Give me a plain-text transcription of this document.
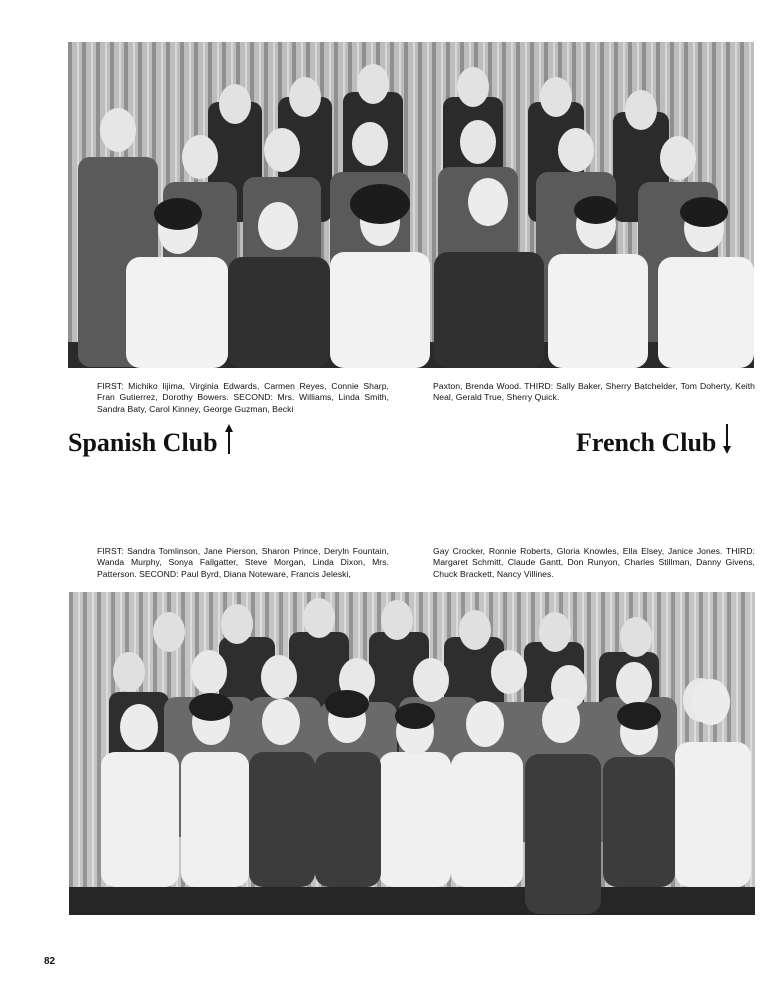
FIRST: Michiko Iijima, Virginia Edwards, Carmen Reyes, Connie Sharp, Fran Gutierrez, Dorothy Bowers. SECOND: Mrs. Williams, Linda Smith, Sandra Baty, Carol Kinney, George Guzman, Becki
Paxton, Brenda Wood. THIRD: Sally Baker, Sherry Batchelder, Tom Doherty, Keith Neal, Gerald True, Sherry Quick.
Spanish Club	French Club
FIRST: Sandra Tomlinson, Jane Pierson, Sharon Prince, Deryln Fountain, Wanda Murphy, Sonya Fallgatter, Steve Morgan, Linda Dixon, Mrs. Patterson. SECOND: Paul Byrd, Diana Noteware, Francis Jeleski,
Gay Crocker, Ronnie Roberts, Gloria Knowles, Ella Elsey, Janice Jones. THIRD: Margaret Schmitt, Claude Gantt, Don Runyon, Charles Stillman, Danny Givens, Chuck Brackett, Nancy Villines.
82
